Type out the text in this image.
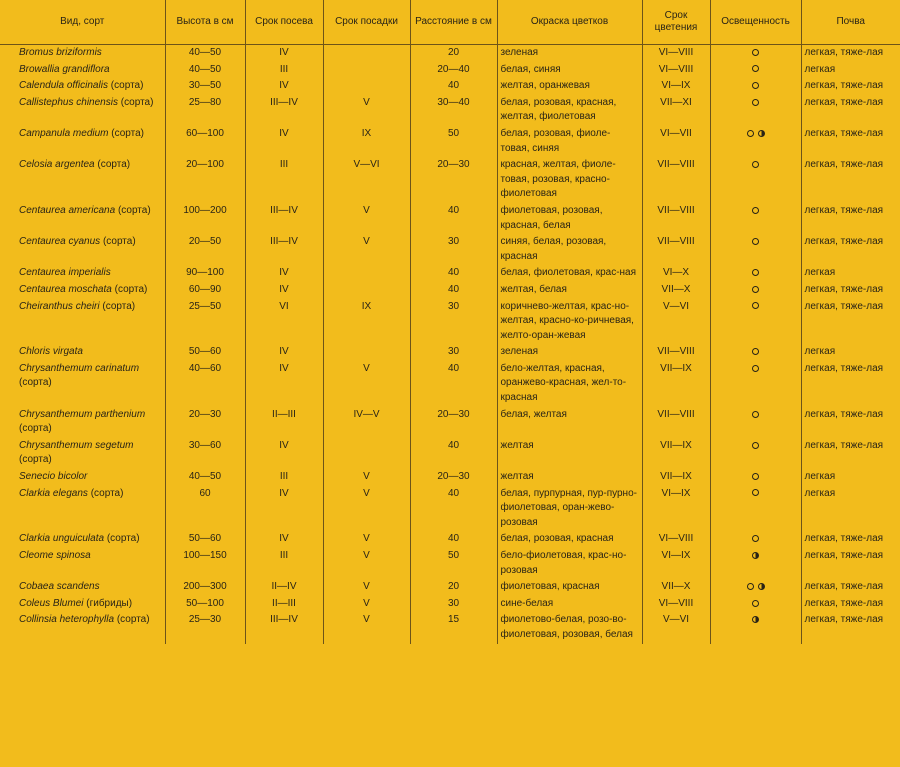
Вид, сорт	Высота в см	Срок посева	Срок посадки	Расстояние в см	Окраска цветков	Срок цветения	Освещенность	Почва
Bromus briziformis	40—50	IV		20	зеленая	VI—VIII		легкая, тяже-лая
Browallia grandiflora	40—50	III		20—40	белая, синяя	VI—VIII		легкая
Calendula officinalis (сорта)	30—50	IV		40	желтая, оранжевая	VI—IX		легкая, тяже-лая
Callistephus chinensis (сорта)	25—80	III—IV	V	30—40	белая, розовая, красная, желтая, фиолетовая	VII—XI		легкая, тяже-лая
Campanula medium (сорта)	60—100	IV	IX	50	белая, розовая, фиоле-товая, синяя	VI—VII		легкая, тяже-лая
Celosia argentea (сорта)	20—100	III	V—VI	20—30	красная, желтая, фиоле-товая, розовая, красно-фиолетовая	VII—VIII		легкая, тяже-лая
Centaurea americana (сорта)	100—200	III—IV	V	40	фиолетовая, розовая, красная, белая	VII—VIII		легкая, тяже-лая
Centaurea cyanus (сорта)	20—50	III—IV	V	30	синяя, белая, розовая, красная	VII—VIII		легкая, тяже-лая
Centaurea imperialis	90—100	IV		40	белая, фиолетовая, крас-ная	VI—X		легкая
Centaurea moschata (сорта)	60—90	IV		40	желтая, белая	VII—X		легкая, тяже-лая
Cheiranthus cheiri (сорта)	25—50	VI	IX	30	коричнево-желтая, крас-но-желтая, красно-ко-ричневая, желто-оран-жевая	V—VI		легкая, тяже-лая
Chloris virgata	50—60	IV		30	зеленая	VII—VIII		легкая
Chrysanthemum carinatum (сорта)	40—60	IV	V	40	бело-желтая, красная, оранжево-красная, жел-то-красная	VII—IX		легкая, тяже-лая
Chrysanthemum parthenium (сорта)	20—30	II—III	IV—V	20—30	белая, желтая	VII—VIII		легкая, тяже-лая
Chrysanthemum segetum (сорта)	30—60	IV		40	желтая	VII—IX		легкая, тяже-лая
Senecio bicolor	40—50	III	V	20—30	желтая	VII—IX		легкая
Clarkia elegans (сорта)	60	IV	V	40	белая, пурпурная, пур-пурно-фиолетовая, оран-жево-розовая	VI—IX		легкая
Clarkia unguiculata (сорта)	50—60	IV	V	40	белая, розовая, красная	VI—VIII		легкая, тяже-лая
Cleome spinosa	100—150	III	V	50	бело-фиолетовая, крас-но-розовая	VI—IX		легкая, тяже-лая
Cobaea scandens	200—300	II—IV	V	20	фиолетовая, красная	VII—X		легкая, тяже-лая
Coleus Blumei (гибриды)	50—100	II—III	V	30	сине-белая	VI—VIII		легкая, тяже-лая
Collinsia heterophylla (сорта)	25—30	III—IV	V	15	фиолетово-белая, розо-во-фиолетовая, розовая, белая	V—VI		легкая, тяже-лая
